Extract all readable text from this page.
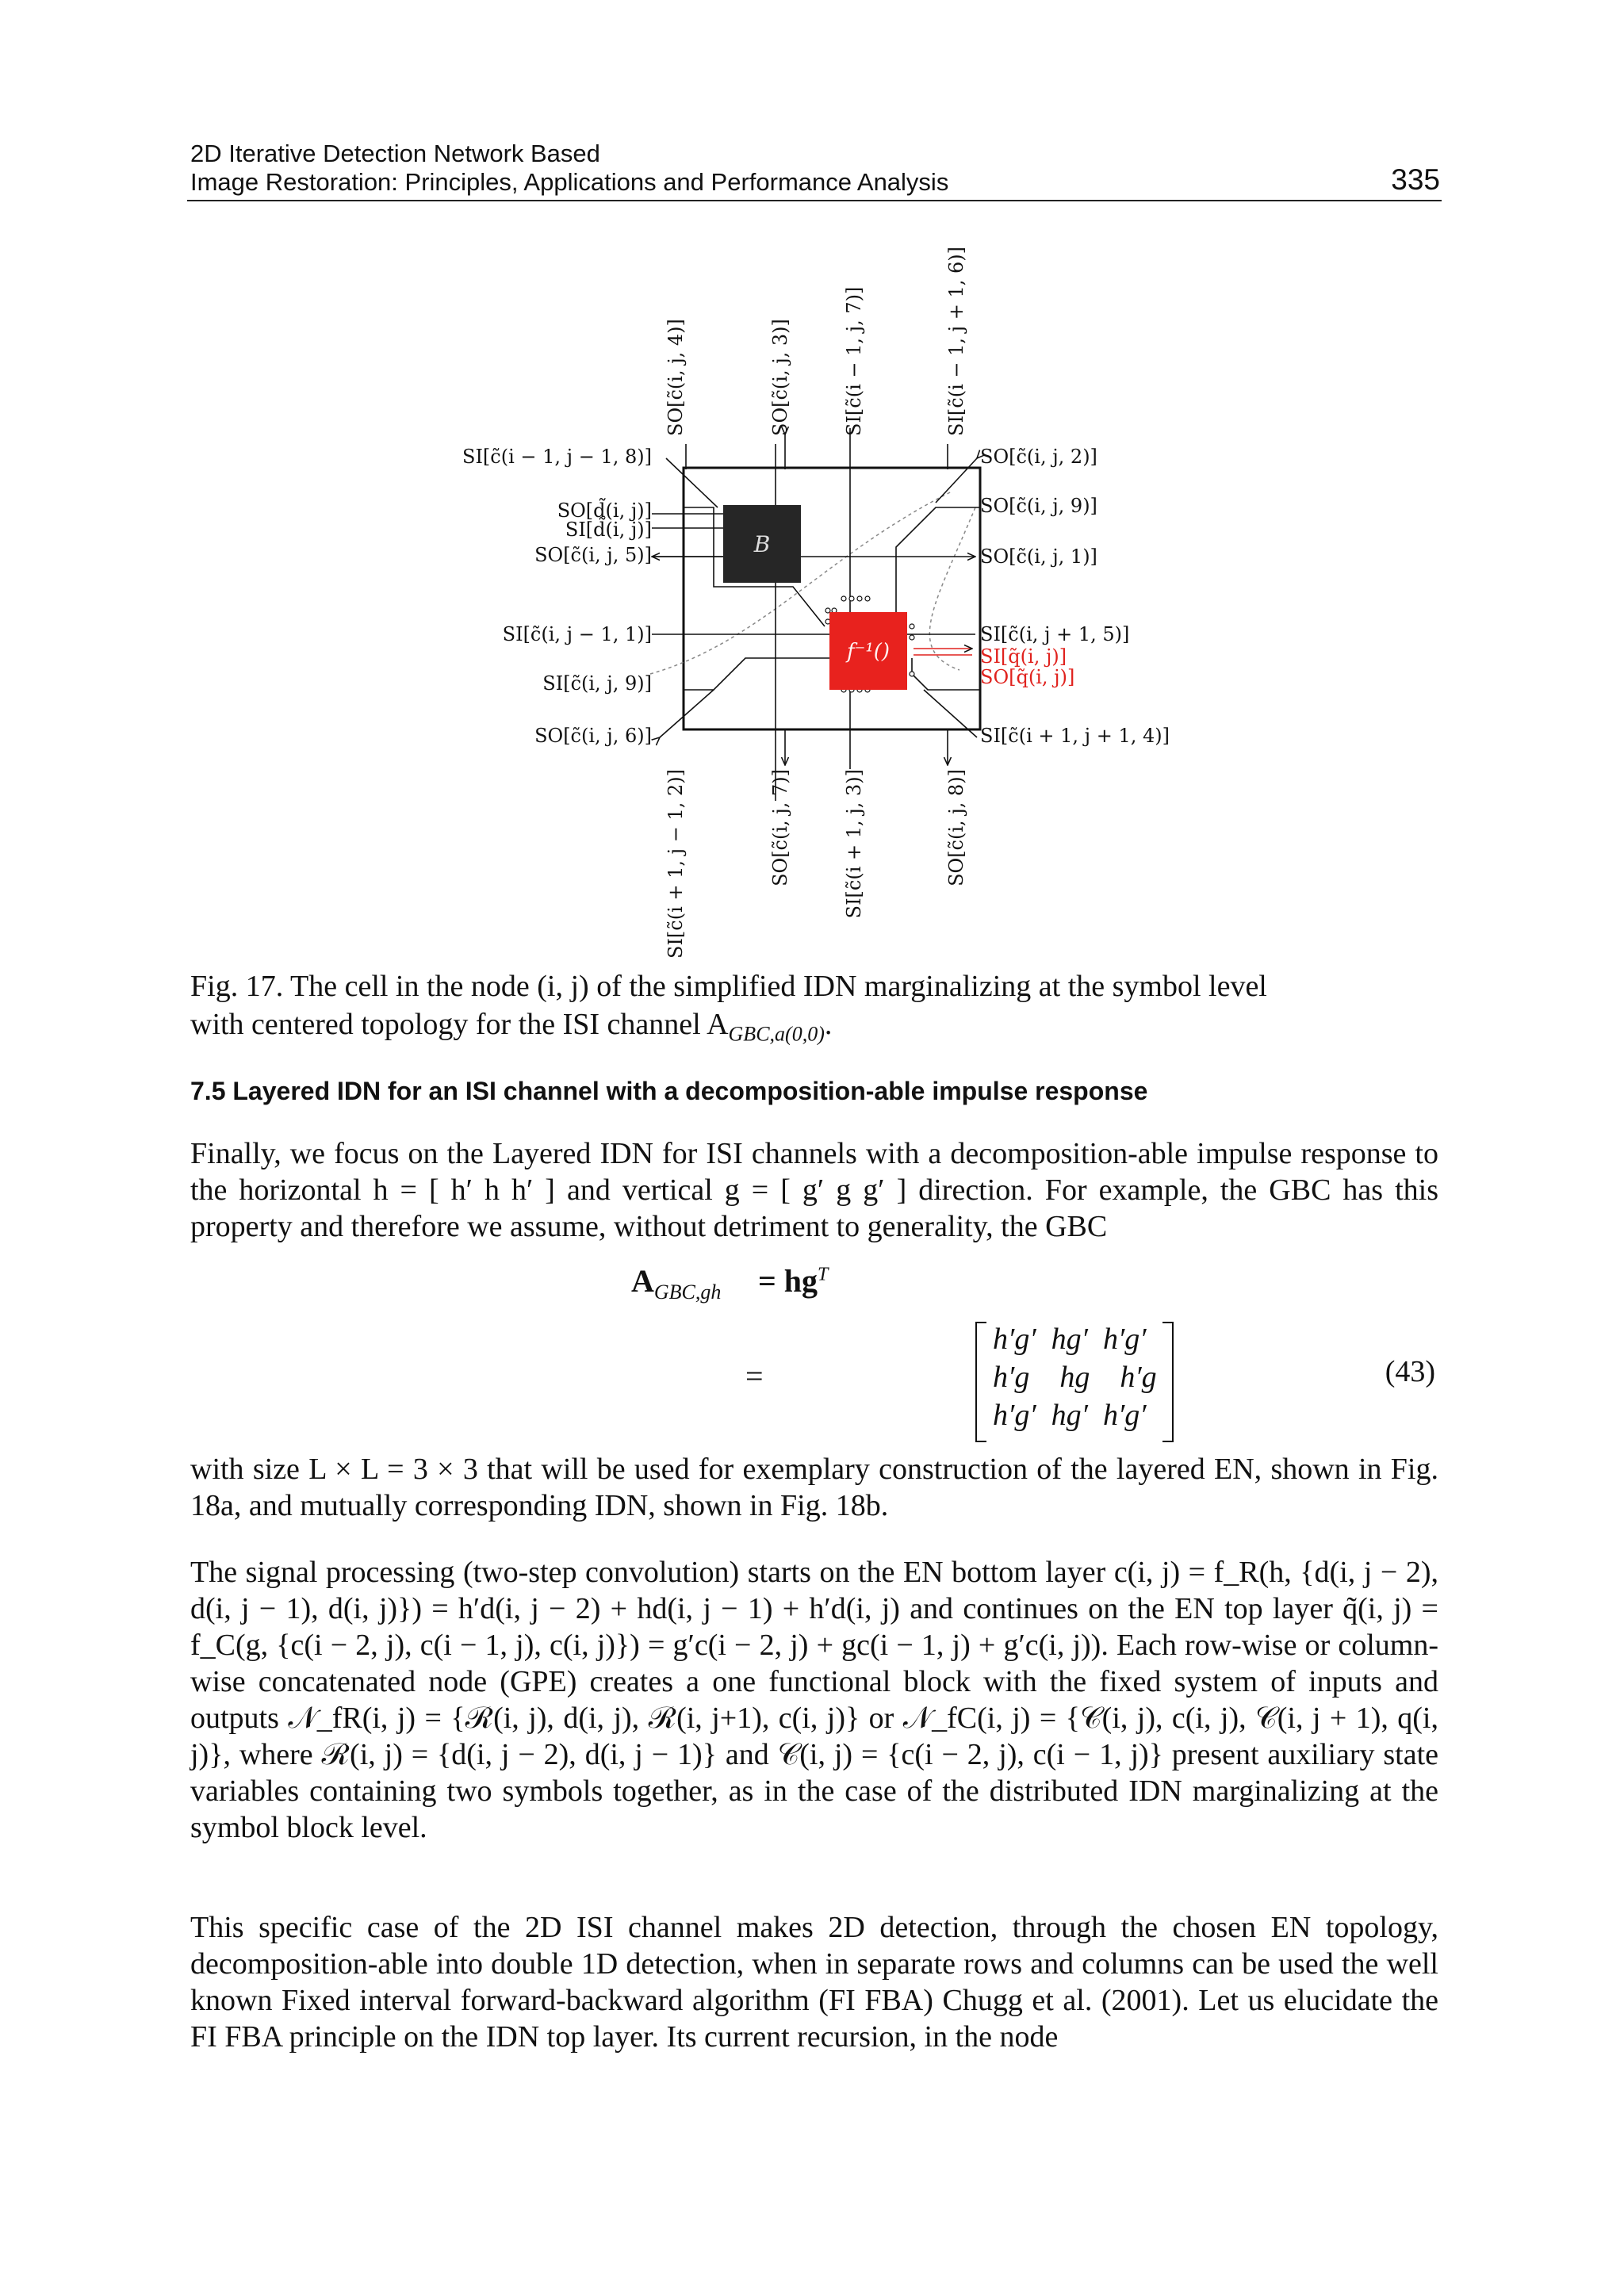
2D Iterative Detection Network Based
Image Restoration: Principles, Applications and Performance Analysis	335
B
f⁻¹()
SO[c̃(i, j, 4)]	SO[c̃(i, j, 3)]	SI[c̃(i − 1, j, 7)]	SI[c̃(i − 1, j + 1, 6)]
SI[c̃(i + 1, j − 1, 2)]	SO[c̃(i, j, 7)]	SI[c̃(i + 1, j, 3)]	SO[c̃(i, j, 8)]
SI[c̃(i − 1, j − 1, 8)]
SO[d̃(i, j)]
SI[d̃(i, j)]
SO[c̃(i, j, 5)]
SI[c̃(i, j − 1, 1)]
SI[c̃(i, j, 9)]
SO[c̃(i, j, 6)]
SO[c̃(i, j, 2)]
SO[c̃(i, j, 9)]
SO[c̃(i, j, 1)]
SI[c̃(i, j + 1, 5)]
SI[q̃(i, j)]
SO[q̃(i, j)]
SI[c̃(i + 1, j + 1, 4)]
Fig. 17. The cell in the node (i, j) of the simplified IDN marginalizing at the symbol level
with centered topology for the ISI channel $A_{GBC,a(0,0)}$.
7.5 Layered IDN for an ISI channel with a decomposition-able impulse response
Finally, we focus on the Layered IDN for ISI channels with a decomposition-able impulse response to the horizontal h = [ h′ h h′ ] and vertical g = [ g′ g g′ ] direction. For example, the GBC has this property and therefore we assume, without detriment to generality, the GBC
$A_{GBC,gh} = hg^T$
=
h′g′  hg′  h′g′
h′g    hg    h′g
h′g′  hg′  h′g′
(43)
with size L × L = 3 × 3 that will be used for exemplary construction of the layered EN, shown in Fig. 18a, and mutually corresponding IDN, shown in Fig. 18b.
The signal processing (two-step convolution) starts on the EN bottom layer c(i, j) = f_R(h, {d(i, j − 2), d(i, j − 1), d(i, j)}) = h′d(i, j − 2) + hd(i, j − 1) + h′d(i, j) and continues on the EN top layer q̃(i, j) = f_C(g, {c(i − 2, j), c(i − 1, j), c(i, j)}) = g′c(i − 2, j) + gc(i − 1, j) + g′c(i, j)). Each row-wise or column-wise concatenated node (GPE) creates a one functional block with the fixed system of inputs and outputs 𝒩_fR(i, j) = {ℛ(i, j), d(i, j), ℛ(i, j+1), c(i, j)} or 𝒩_fC(i, j) = {𝒞(i, j), c(i, j), 𝒞(i, j + 1), q(i, j)}, where ℛ(i, j) = {d(i, j − 2), d(i, j − 1)} and 𝒞(i, j) = {c(i − 2, j), c(i − 1, j)} present auxiliary state variables containing two symbols together, as in the case of the distributed IDN marginalizing at the symbol block level.
This specific case of the 2D ISI channel makes 2D detection, through the chosen EN topology, decomposition-able into double 1D detection, when in separate rows and columns can be used the well known Fixed interval forward-backward algorithm (FI FBA) Chugg et al. (2001). Let us elucidate the FI FBA principle on the IDN top layer. Its current recursion, in the node
